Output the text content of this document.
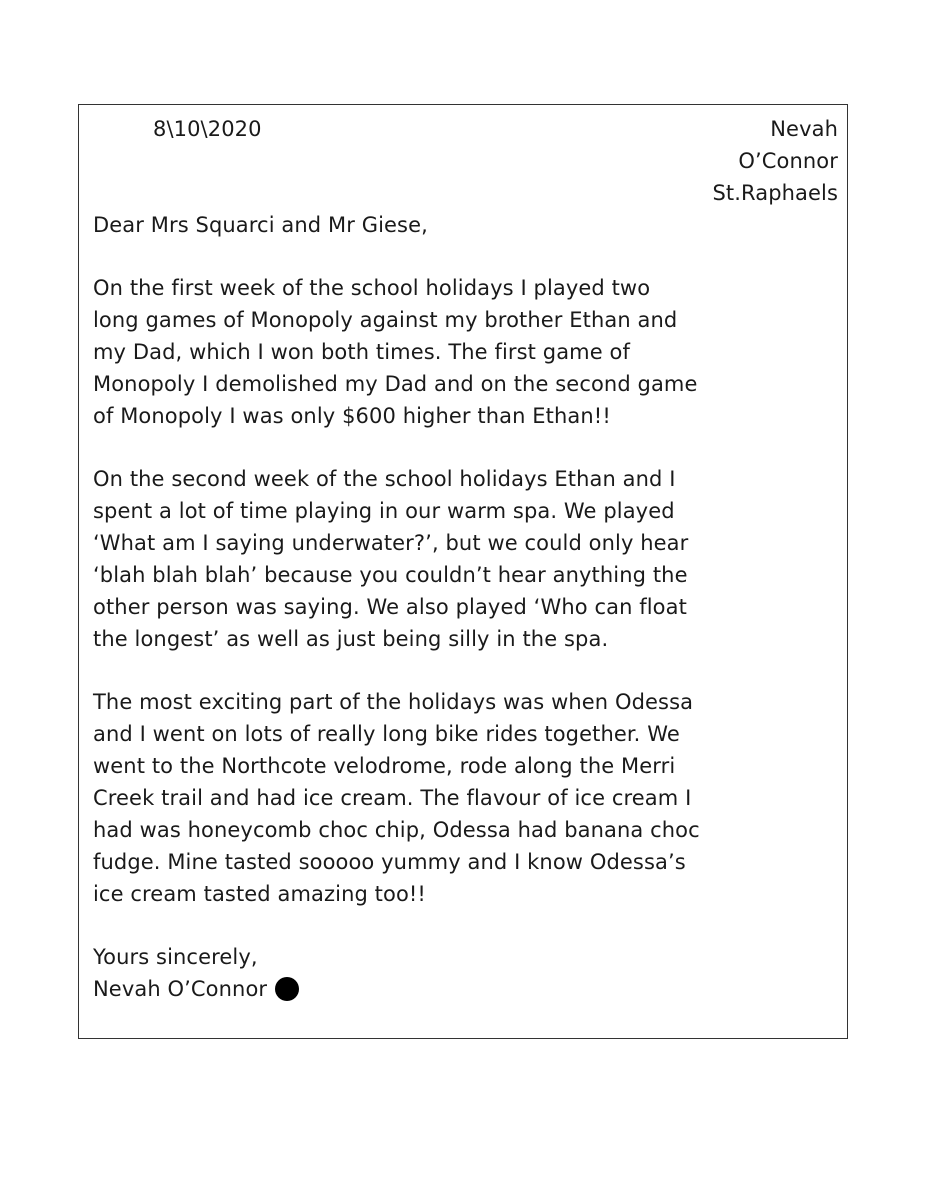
8\10\2020	Nevah
O’Connor
St.Raphaels
Dear Mrs Squarci and Mr Giese,
On the first week of the school holidays I played two
long games of Monopoly against my brother Ethan and
my Dad, which I won both times. The first game of
Monopoly I demolished my Dad and on the second game
of Monopoly I was only $600 higher than Ethan!!
On the second week of the school holidays Ethan and I
spent a lot of time playing in our warm spa. We played
‘What am I saying underwater?’, but we could only hear
‘blah blah blah’ because you couldn’t hear anything the
other person was saying. We also played ‘Who can float
the longest’ as well as just being silly in the spa.
The most exciting part of the holidays was when Odessa
and I went on lots of really long bike rides together. We
went to the Northcote velodrome, rode along the Merri
Creek trail and had ice cream. The flavour of ice cream I
had was honeycomb choc chip, Odessa had banana choc
fudge. Mine tasted sooooo yummy and I know Odessa’s
ice cream tasted amazing too!!
Yours sincerely,
Nevah O’Connor
